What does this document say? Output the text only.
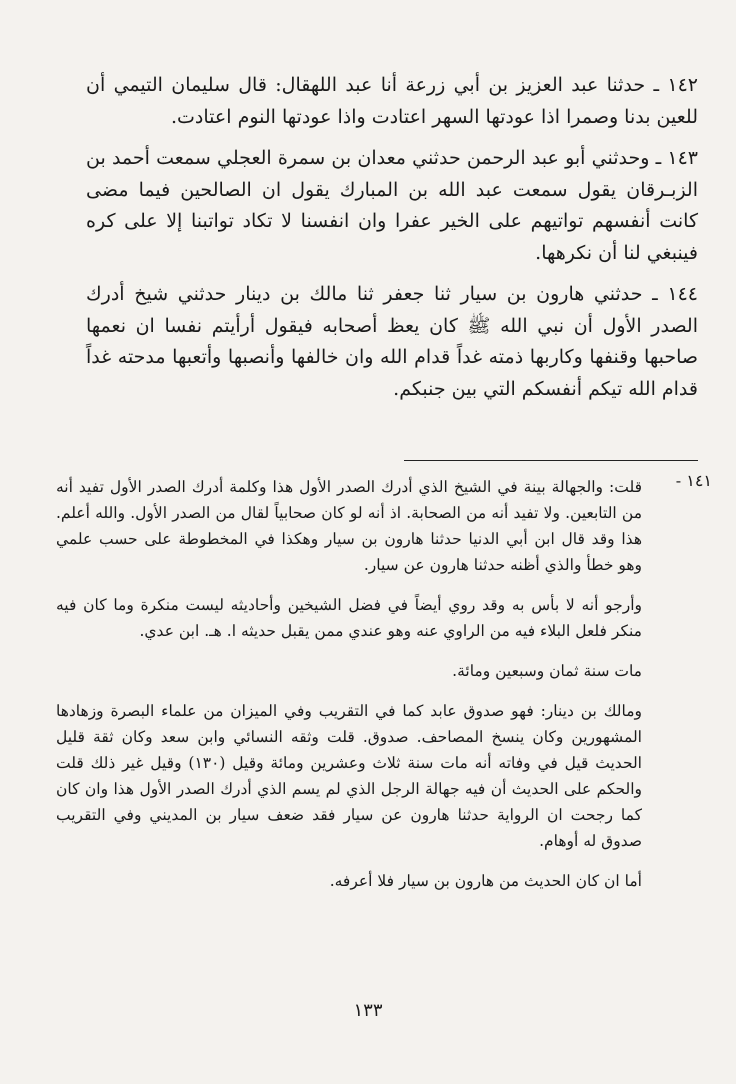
١٤٢ ـ حدثنا عبد العزيز بن أبي زرعة أنا عبد اللهقال: قال سليمان التيمي أن للعين بدنا وصمرا اذا عودتها السهر اعتادت واذا عودتها النوم اعتادت.

١٤٣ ـ وحدثني أبو عبد الرحمن حدثني معدان بن سمرة العجلي سمعت أحمد بن الزبـرقان يقول سمعت عبد الله بن المبارك يقول ان الصالحين فيما مضى كانت أنفسهم تواتيهم على الخير عفرا وان انفسنا لا تكاد تواتبنا إلا على كره فينبغي لنا أن نكرهها.

١٤٤ ـ حدثني هارون بن سيار ثنا جعفر ثنا مالك بن دينار حدثني شيخ أدرك الصدر الأول أن نبي الله ﷺ كان يعظ أصحابه فيقول أرأيتم نفسا ان نعمها صاحبها وقنفها وكاربها ذمته غداً قدام الله وان خالفها وأنصبها وأتعبها مدحته غداً قدام الله تيكم أنفسكم التي بين جنبكم.

١٤١ -

قلت: والجهالة بينة في الشيخ الذي أدرك الصدر الأول هذا وكلمة أدرك الصدر الأول تفيد أنه من التابعين. ولا تفيد أنه من الصحابة. اذ أنه لو كان صحابياً لقال من الصدر الأول. والله أعلم. هذا وقد قال ابن أبي الدنيا حدثنا هارون بن سيار وهكذا في المخطوطة على حسب علمي وهو خطأ والذي أظنه حدثنا هارون عن سيار.

وأرجو أنه لا بأس به وقد روي أيضاً في فضل الشيخين وأحاديثه ليست منكرة وما كان فيه منكر فلعل البلاء فيه من الراوي عنه وهو عندي ممن يقبل حديثه ا. هـ. ابن عدي.

مات سنة ثمان وسبعين ومائة.

ومالك بن دينار: فهو صدوق عابد كما في التقريب وفي الميزان من علماء البصرة وزهادها المشهورين وكان ينسخ المصاحف. صدوق. قلت وثقه النسائي وابن سعد وكان ثقة قليل الحديث قيل في وفاته أنه مات سنة ثلاث وعشرين ومائة وقيل (١٣٠) وقيل غير ذلك قلت والحكم على الحديث أن فيه جهالة الرجل الذي لم يسم الذي أدرك الصدر الأول هذا وان كان كما رجحت ان الرواية حدثنا هارون عن سيار فقد ضعف سيار بن المديني وفي التقريب صدوق له أوهام.

أما ان كان الحديث من هارون بن سيار فلا أعرفه.

١٣٣
